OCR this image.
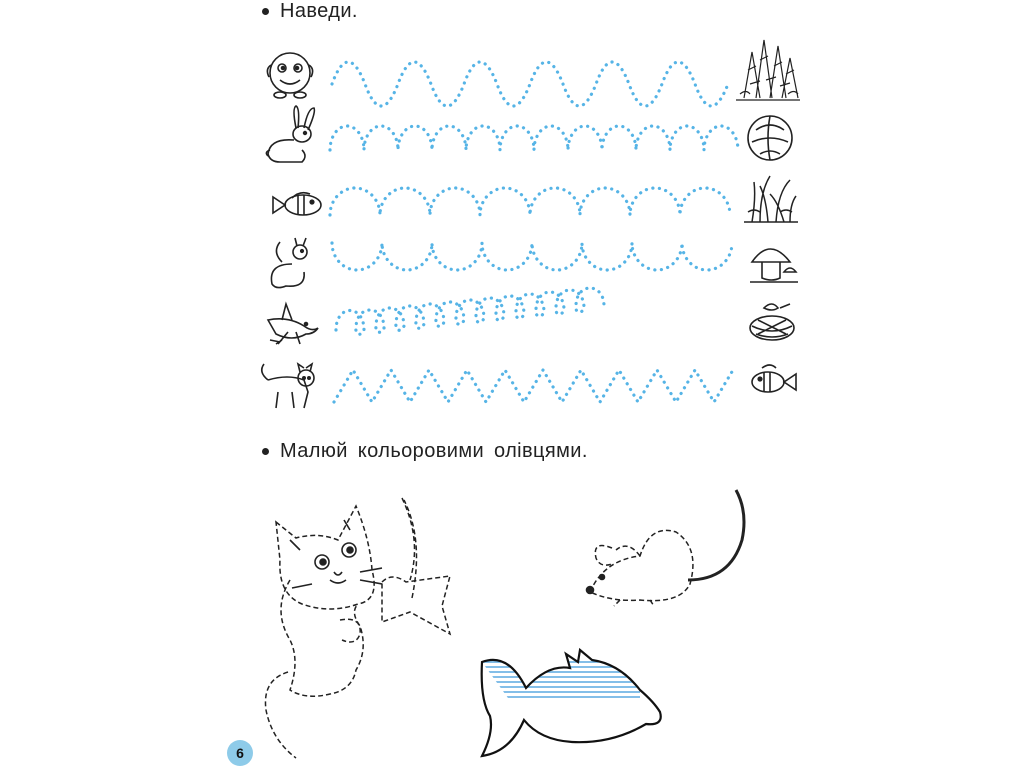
Наведи.
Малюй кольоровими олівцями.
6
